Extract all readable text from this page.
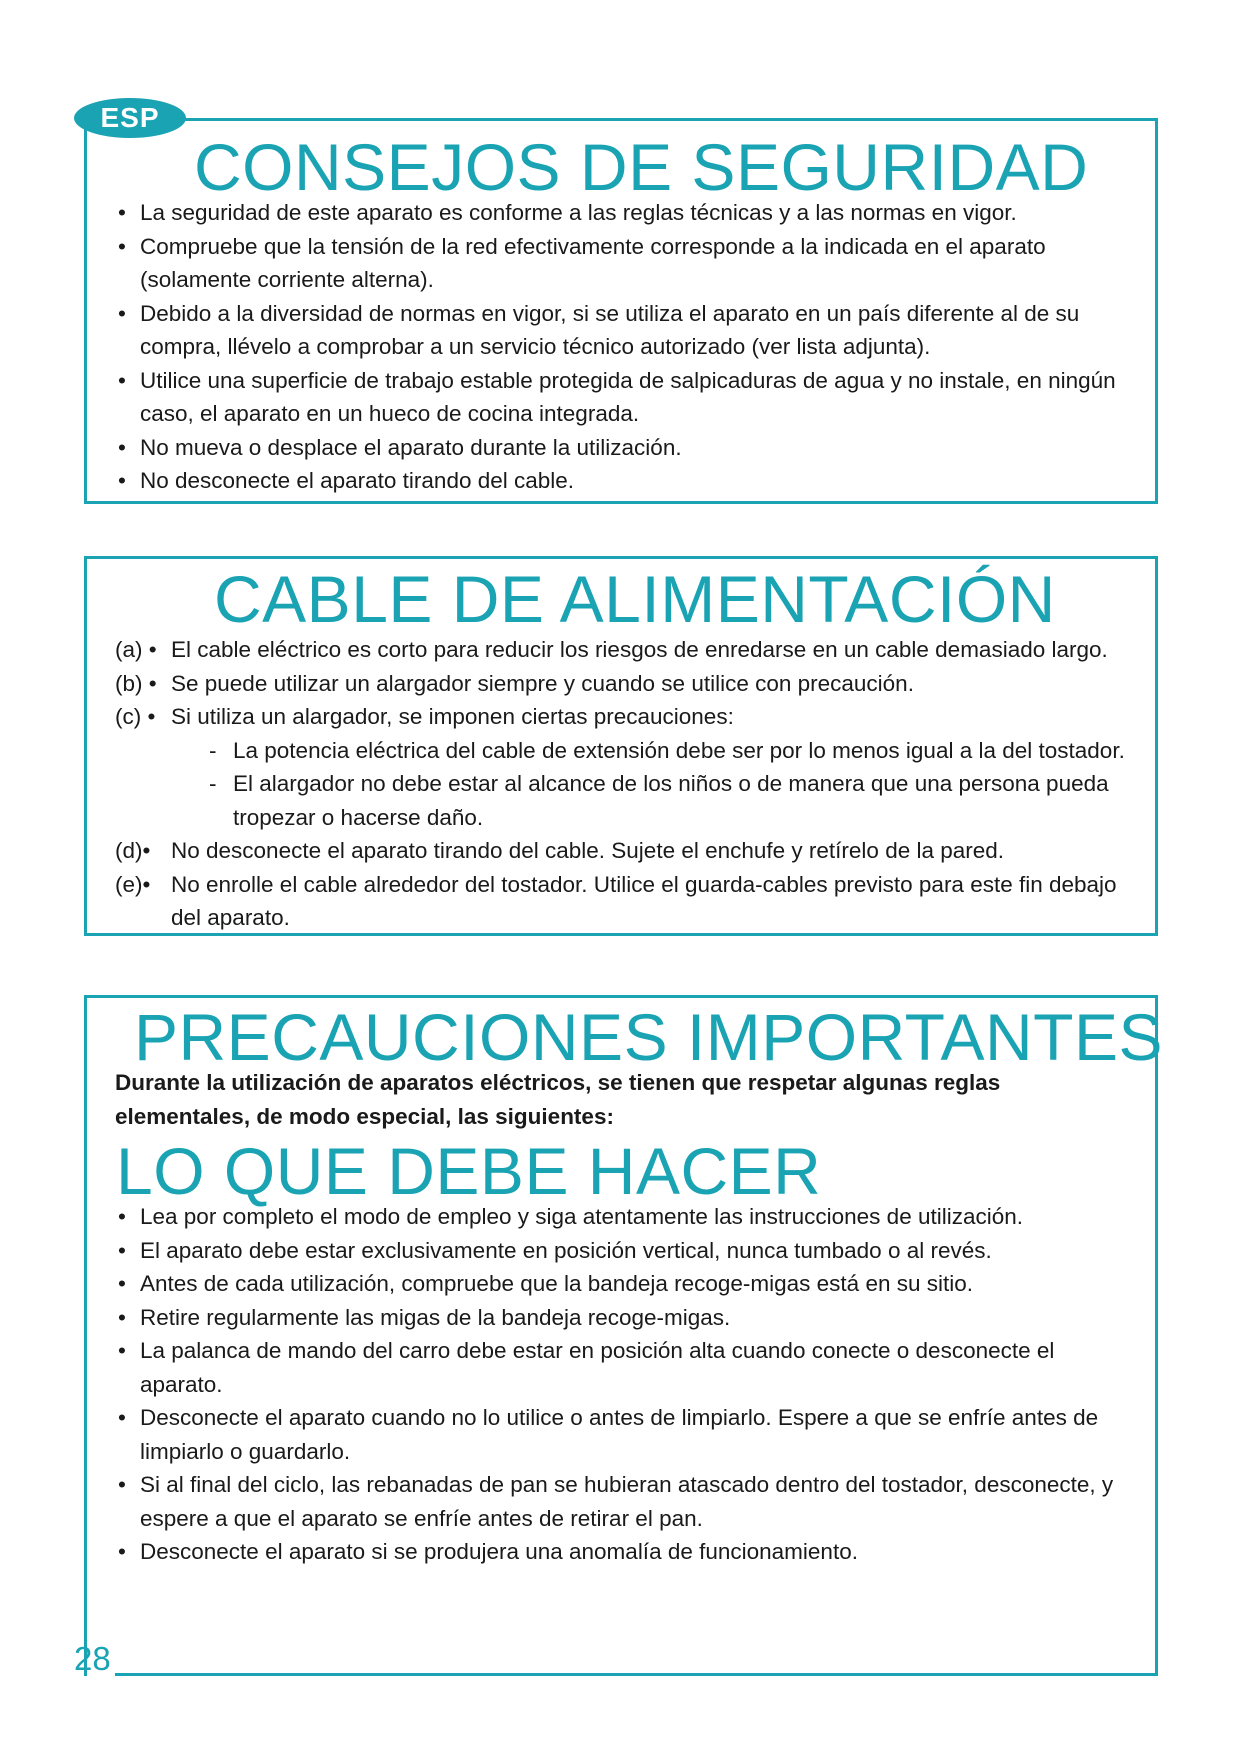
ESP
CONSEJOS DE SEGURIDAD
• La seguridad de este aparato es conforme a las reglas técnicas y a las normas en vigor.
• Compruebe que la tensión de la red efectivamente corresponde a la indicada en el aparato (solamente corriente alterna).
• Debido a la diversidad de normas en vigor, si se utiliza el aparato en un país diferente al de su compra, llévelo a comprobar a un servicio técnico autorizado (ver lista adjunta).
• Utilice una superficie de trabajo estable protegida de salpicaduras de agua y no instale, en ningún caso, el aparato en un hueco de cocina integrada.
• No mueva o desplace el aparato durante la utilización.
• No desconecte el aparato tirando del cable.
CABLE DE ALIMENTACIÓN
(a) • El cable eléctrico es corto para reducir los riesgos de enredarse en un cable demasiado largo.
(b) • Se puede utilizar un alargador siempre y cuando se utilice con precaución.
(c) • Si utiliza un alargador, se imponen ciertas precauciones:
- La potencia eléctrica del cable de extensión debe ser por lo menos igual a la del tostador.
- El alargador no debe estar al alcance de los niños o de manera que una persona pueda tropezar o hacerse daño.
(d)• No desconecte el aparato tirando del cable. Sujete el enchufe y retírelo de la pared.
(e)• No enrolle el cable alrededor del tostador. Utilice el guarda-cables previsto para este fin debajo del aparato.
PRECAUCIONES IMPORTANTES

Durante la utilización de aparatos eléctricos, se tienen que respetar algunas reglas elementales, de modo especial, las siguientes:

LO QUE DEBE HACER
• Lea por completo el modo de empleo y siga atentamente las instrucciones de utilización.
• El aparato debe estar exclusivamente en posición vertical, nunca tumbado o al revés.
• Antes de cada utilización, compruebe que la bandeja recoge-migas está en su sitio.
• Retire regularmente las migas de la bandeja recoge-migas.
• La palanca de mando del carro debe estar en posición alta cuando conecte o desconecte el aparato.
• Desconecte el aparato cuando no lo utilice o antes de limpiarlo. Espere a que se enfríe antes de limpiarlo o guardarlo.
• Si al final del ciclo, las rebanadas de pan se hubieran atascado dentro del tostador, desconecte, y espere a que el aparato se enfríe antes de retirar el pan.
• Desconecte el aparato si se produjera una anomalía de funcionamiento.
28
